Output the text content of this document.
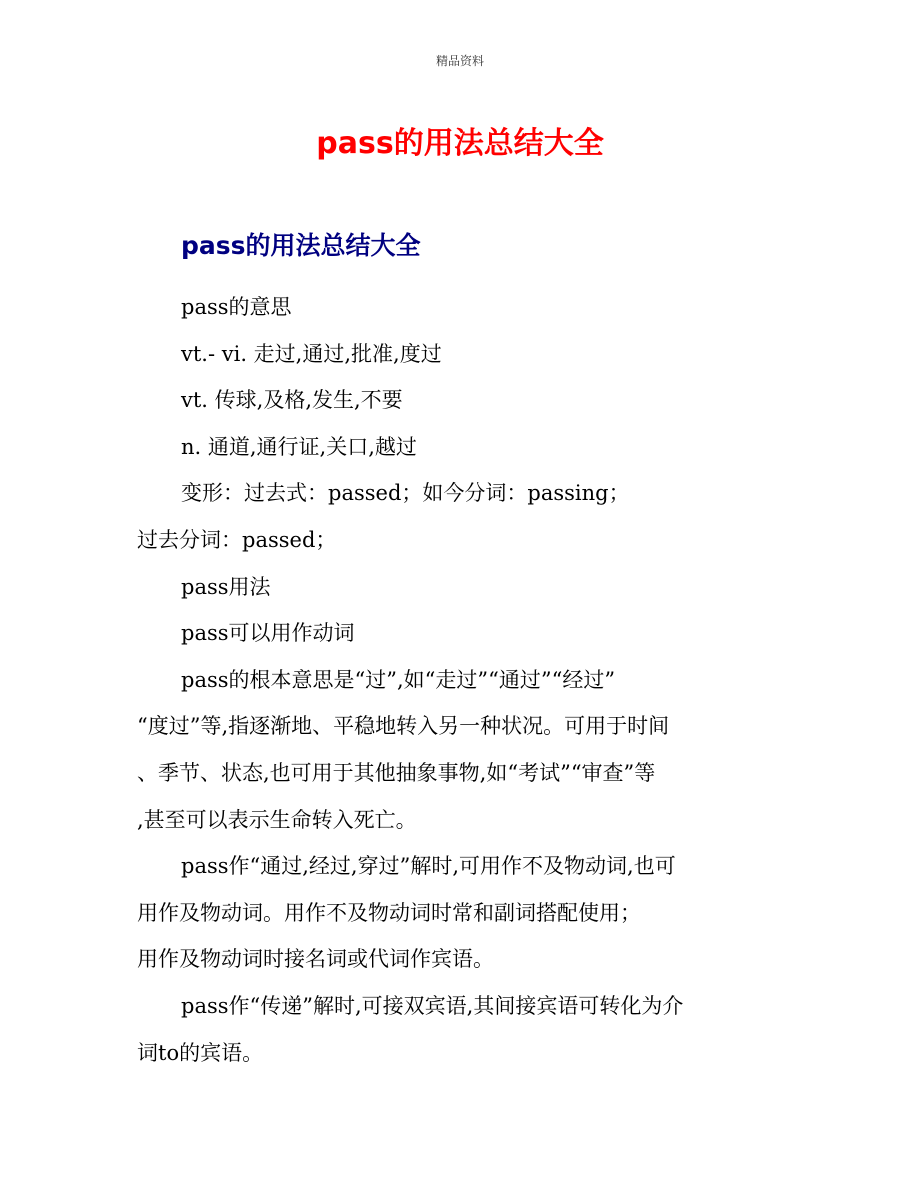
精品资料
pass的用法总结大全
pass的用法总结大全

pass的意思

vt.- vi. 走过,通过,批准,度过

vt. 传球,及格,发生,不要

n. 通道,通行证,关口,越过

变形：过去式：passed；如今分词：passing；

过去分词：passed；

pass用法

pass可以用作动词

pass的根本意思是“过”,如“走过”“通过”“经过”

“度过”等,指逐渐地、平稳地转入另一种状况。可用于时间

、季节、状态,也可用于其他抽象事物,如“考试”“审查”等

,甚至可以表示生命转入死亡。

pass作“通过,经过,穿过”解时,可用作不及物动词,也可

用作及物动词。用作不及物动词时常和副词搭配使用；

用作及物动词时接名词或代词作宾语。

pass作“传递”解时,可接双宾语,其间接宾语可转化为介

词to的宾语。
